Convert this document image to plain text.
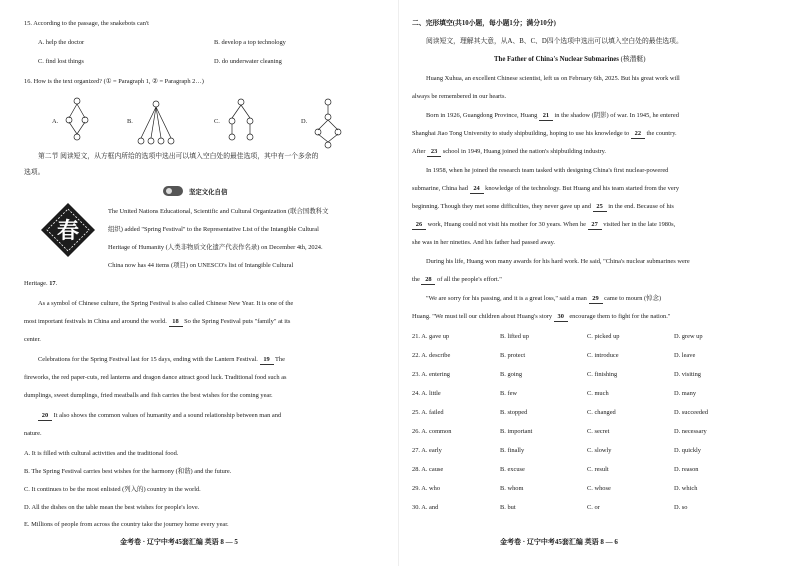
15. According to the passage, the snakebots can't
A. help the doctor	B. develop a top technology
C. find lost things	D. do underwater cleaning
16. How is the text organized? (① = Paragraph 1, ② = Paragraph 2…)
A.	B.	C.	D.
第二节 阅读短文，从方框内所给的选项中选出可以填入空白处的最佳选项，其中有一个多余的
选项。
坚定文化自信
春
The United Nations Educational, Scientific and Cultural Organization (联合国教科文
组织) added "Spring Festival" to the Representative List of the Intangible Cultural
Heritage of Humanity (人类非物质文化遗产代表作名录) on December 4th, 2024.
China now has 44 items (项目) on UNESCO's list of Intangible Cultural
Heritage. 17.
As a symbol of Chinese culture, the Spring Festival is also called Chinese New Year. It is one of the
most important festivals in China and around the world. 18 So the Spring Festival puts "family" at its
center.
Celebrations for the Spring Festival last for 15 days, ending with the Lantern Festival. 19 The
fireworks, the red paper-cuts, red lanterns and dragon dance attract good luck. Traditional food such as
dumplings, sweet dumplings, fried meatballs and fish carries the best wishes for the coming year.
20 It also shows the common values of humanity and a sound relationship between man and
nature.
A. It is filled with cultural activities and the traditional food.
B. The Spring Festival carries best wishes for the harmony (和谐) and the future.
C. It continues to be the most enlisted (列入的) country in the world.
D. All the dishes on the table mean the best wishes for people's love.
E. Millions of people from across the country take the journey home every year.
金考卷 · 辽宁中考45套汇编 英语 8 — 5
二、完形填空(共10小题，每小题1分；满分10分)
阅读短文，理解其大意，从A、B、C、D四个选项中选出可以填入空白处的最佳选项。
The Father of China's Nuclear Submarines (核潜艇)
Huang Xuhua, an excellent Chinese scientist, left us on February 6th, 2025. But his great work will
always be remembered in our hearts.
Born in 1926, Guangdong Province, Huang 21 in the shadow (阴影) of war. In 1945, he entered
Shanghai Jiao Tong University to study shipbuilding, hoping to use his knowledge to 22 the country.
After 23 school in 1949, Huang joined the nation's shipbuilding industry.
In 1958, when he joined the research team tasked with designing China's first nuclear-powered
submarine, China had 24 knowledge of the technology. But Huang and his team started from the very
beginning. Though they met some difficulties, they never gave up and 25 in the end. Because of his
26 work, Huang could not visit his mother for 30 years. When he 27 visited her in the late 1980s,
she was in her nineties. And his father had passed away.
During his life, Huang won many awards for his hard work. He said, "China's nuclear submarines were
the 28 of all the people's effort."
"We are sorry for his passing, and it is a great loss," said a man 29 came to mourn (悼念)
Huang. "We must tell our children about Huang's story 30 encourage them to fight for the nation."
21. A. gave up	B. lifted up	C. picked up	D. grew up
22. A. describe	B. protect	C. introduce	D. leave
23. A. entering	B. going	C. finishing	D. visiting
24. A. little	B. few	C. much	D. many
25. A. failed	B. stopped	C. changed	D. succeeded
26. A. common	B. important	C. secret	D. necessary
27. A. early	B. finally	C. slowly	D. quickly
28. A. cause	B. excuse	C. result	D. reason
29. A. who	B. whom	C. whose	D. which
30. A. and	B. but	C. or	D. so
金考卷 · 辽宁中考45套汇编 英语 8 — 6
